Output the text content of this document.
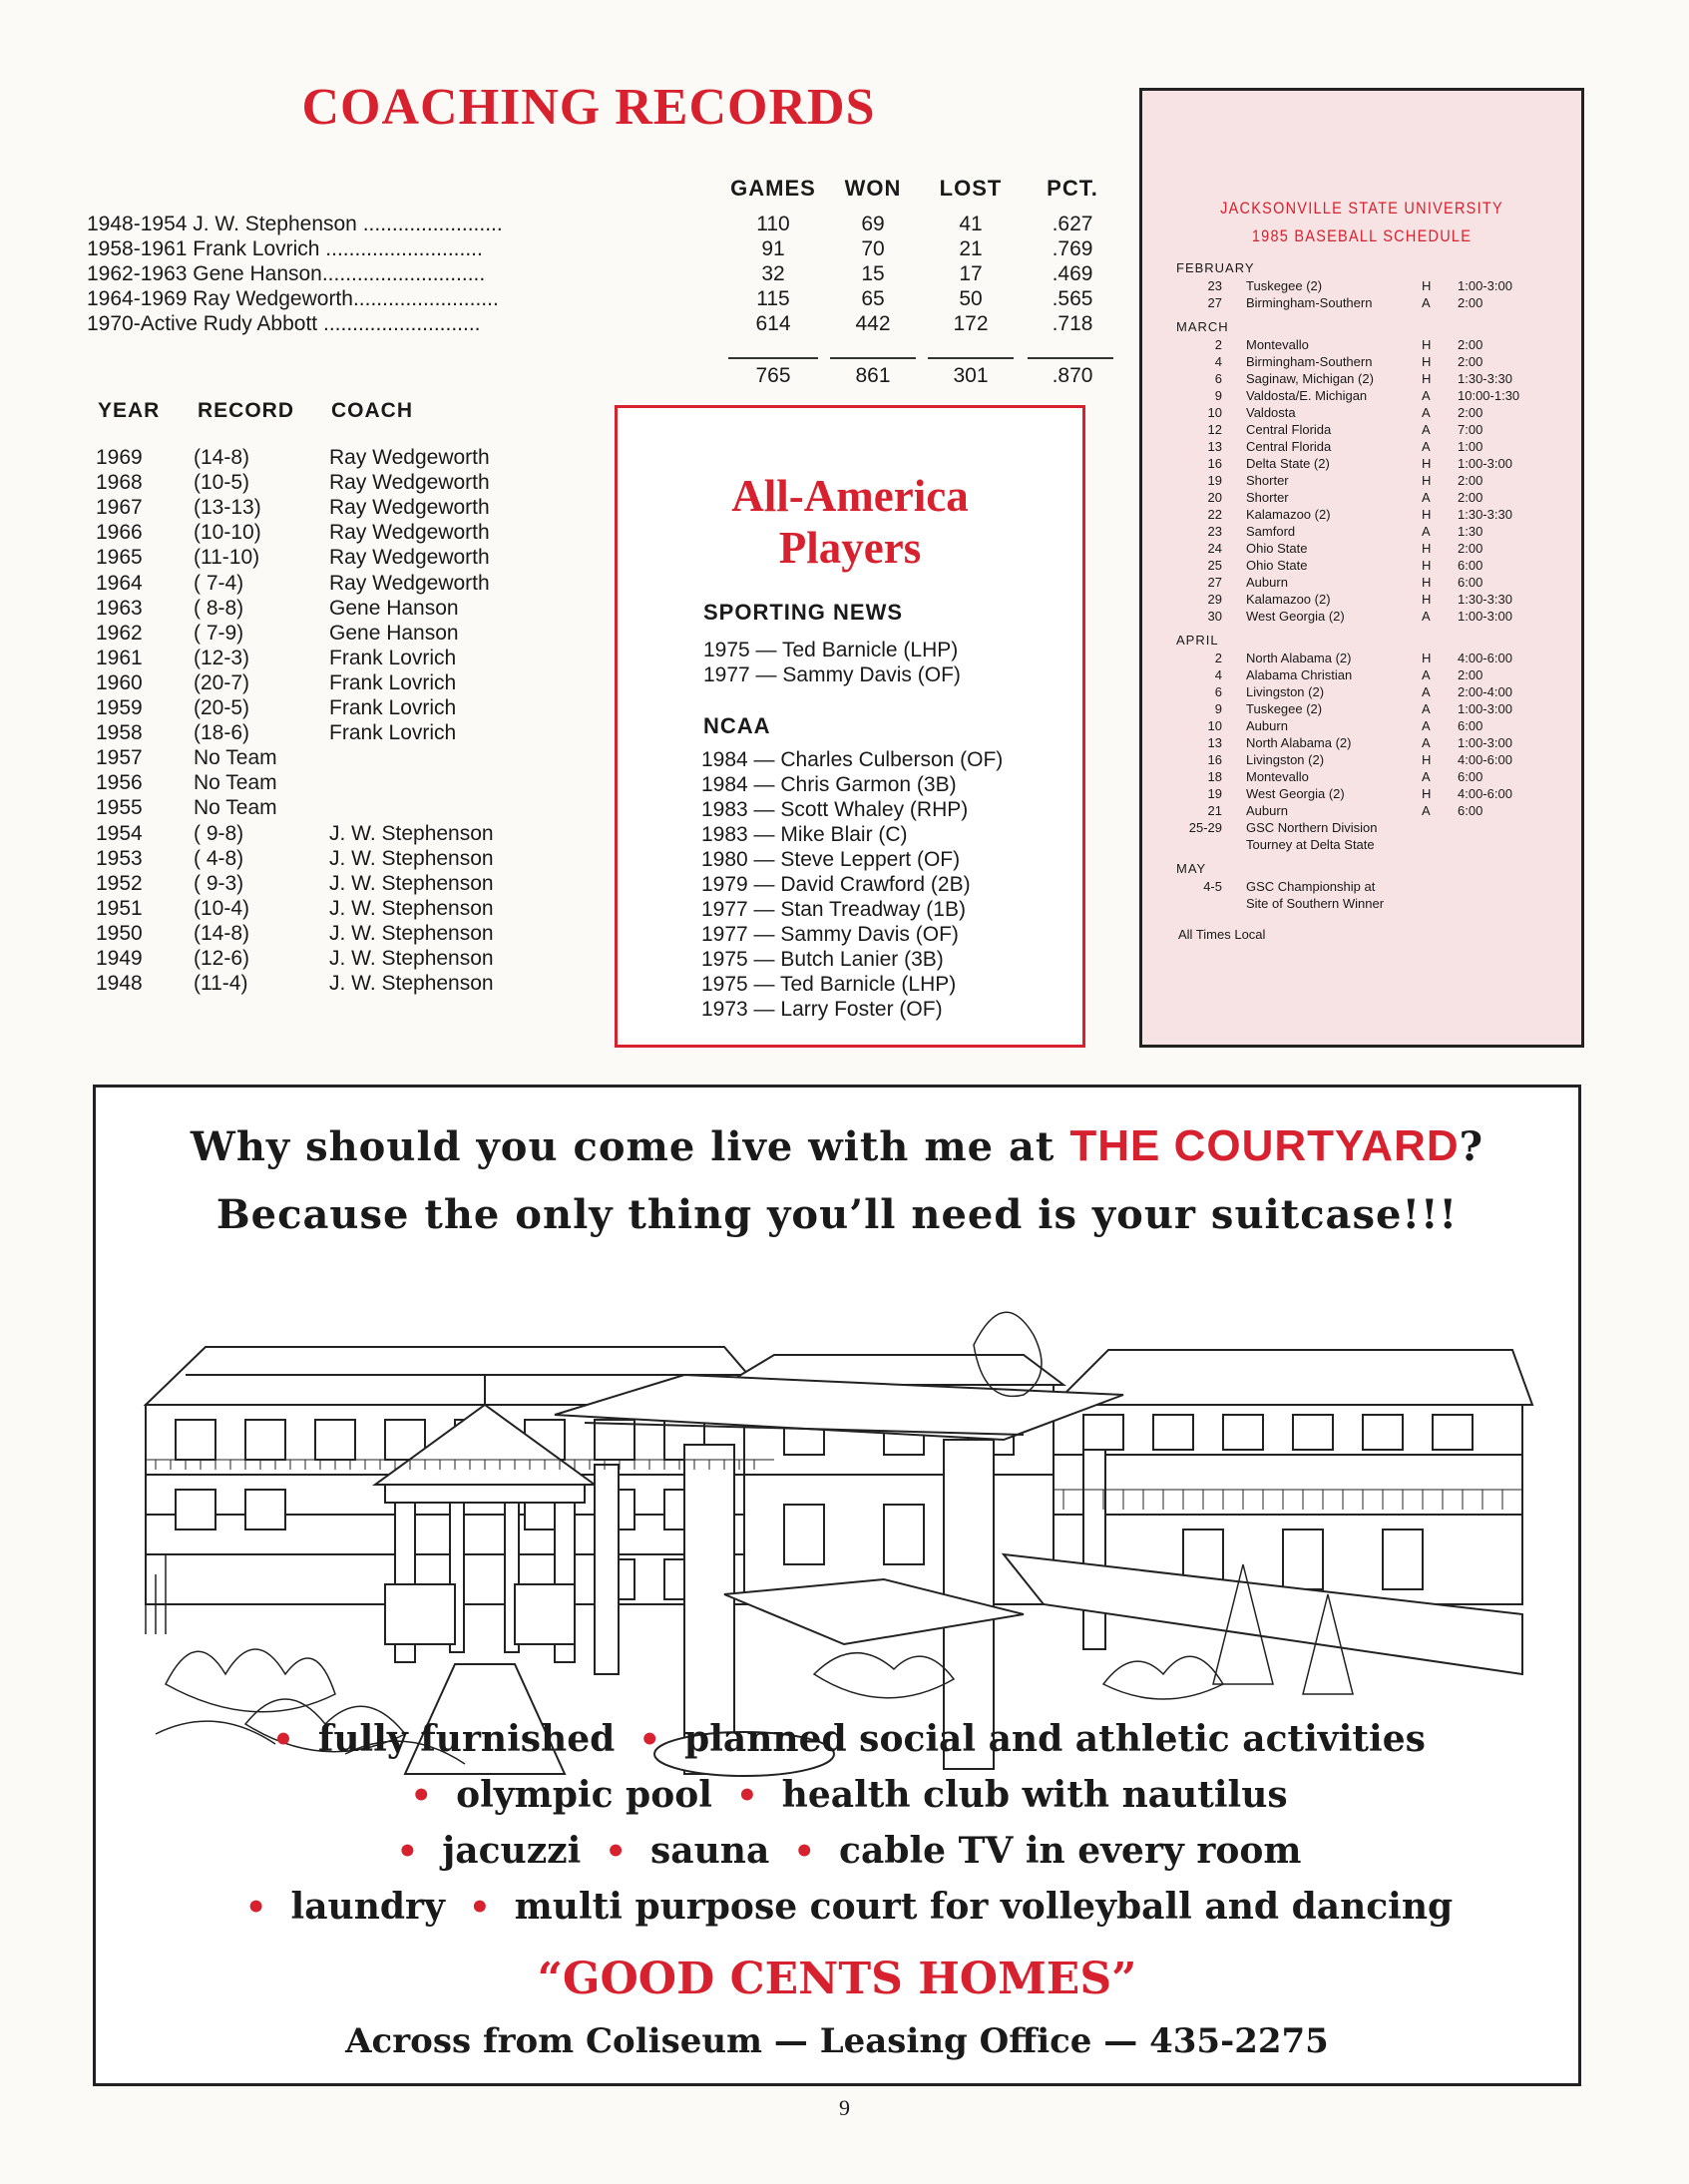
COACHING RECORDS
GAMES	WON	LOST	PCT.
1948-1954 J. W. Stephenson ........................	110	69	41	.627
1958-1961 Frank Lovrich ...........................	91	70	21	.769
1962-1963 Gene Hanson............................	32	15	17	.469
1964-1969 Ray Wedgeworth.........................	115	65	50	.565
1970-Active Rudy Abbott ...........................	614	442	172	.718
765	861	301	.870
YEAR RECORD COACH
1969 (14-8)	Ray Wedgeworth
1968 (10-5)	Ray Wedgeworth
1967 (13-13)	Ray Wedgeworth
1966 (10-10)	Ray Wedgeworth
1965 (11-10)	Ray Wedgeworth
1964 ( 7-4)	Ray Wedgeworth
1963 ( 8-8)	Gene Hanson
1962 ( 7-9)	Gene Hanson
1961 (12-3)	Frank Lovrich
1960 (20-7)	Frank Lovrich
1959 (20-5)	Frank Lovrich
1958 (18-6)	Frank Lovrich
1957 No Team
1956 No Team
1955 No Team
1954 ( 9-8)	J. W. Stephenson
1953 ( 4-8)	J. W. Stephenson
1952 ( 9-3)	J. W. Stephenson
1951 (10-4)	J. W. Stephenson
1950 (14-8)	J. W. Stephenson
1949 (12-6)	J. W. Stephenson
1948 (11-4)	J. W. Stephenson
All-America
Players
SPORTING NEWS
1975 — Ted Barnicle (LHP)
1977 — Sammy Davis (OF)
NCAA
1984 — Charles Culberson (OF)
1984 — Chris Garmon (3B)
1983 — Scott Whaley (RHP)
1983 — Mike Blair (C)
1980 — Steve Leppert (OF)
1979 — David Crawford (2B)
1977 — Stan Treadway (1B)
1977 — Sammy Davis (OF)
1975 — Butch Lanier (3B)
1975 — Ted Barnicle (LHP)
1973 — Larry Foster (OF)
JACKSONVILLE STATE UNIVERSITY
1985 BASEBALL SCHEDULE
FEBRUARY
23 Tuskegee (2)	H 1:00-3:00
27 Birmingham-Southern	A 2:00
MARCH
2 Montevallo	H 2:00
4 Birmingham-Southern	H 2:00
6 Saginaw, Michigan (2)	H 1:30-3:30
9 Valdosta/E. Michigan	A 10:00-1:30
10 Valdosta	A 2:00
12 Central Florida	A 7:00
13 Central Florida	A 1:00
16 Delta State (2)	H 1:00-3:00
19 Shorter	H 2:00
20 Shorter	A 2:00
22 Kalamazoo (2)	H 1:30-3:30
23 Samford	A 1:30
24 Ohio State	H 2:00
25 Ohio State	H 6:00
27 Auburn	H 6:00
29 Kalamazoo (2)	H 1:30-3:30
30 West Georgia (2)	A 1:00-3:00
APRIL
2 North Alabama (2)	H 4:00-6:00
4 Alabama Christian	A 2:00
6 Livingston (2)	A 2:00-4:00
9 Tuskegee (2)	A 1:00-3:00
10 Auburn	A 6:00
13 North Alabama (2)	A 1:00-3:00
16 Livingston (2)	H 4:00-6:00
18 Montevallo	A 6:00
19 West Georgia (2)	H 4:00-6:00
21 Auburn	A 6:00
25-29 GSC Northern Division
Tourney at Delta State
MAY
4-5 GSC Championship at
Site of Southern Winner
All Times Local
Why should you come live with me at THE COURTYARD?
Because the only thing you’ll need is your suitcase!!!
• fully furnished • planned social and athletic activities
• olympic pool • health club with nautilus
• jacuzzi • sauna • cable TV in every room
• laundry • multi purpose court for volleyball and dancing
“GOOD CENTS HOMES”
Across from Coliseum — Leasing Office — 435-2275
9
